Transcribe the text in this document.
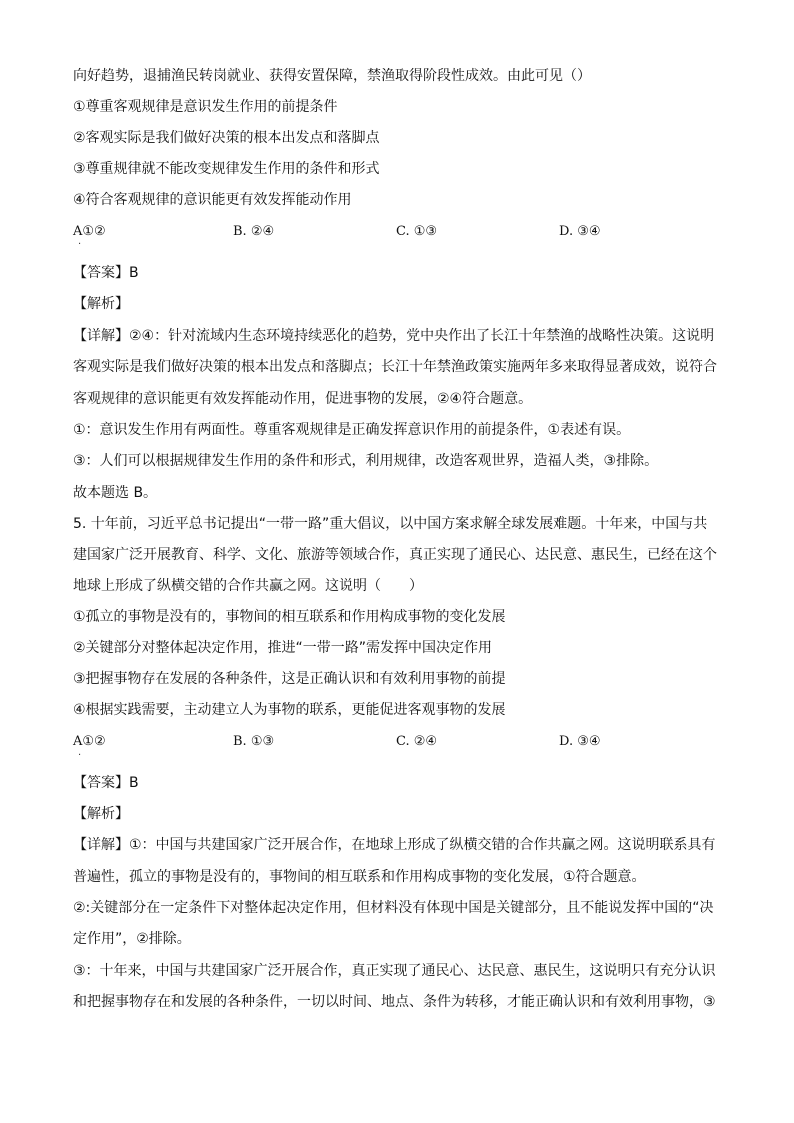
向好趋势，退捕渔民转岗就业、获得安置保障，禁渔取得阶段性成效。由此可见（）
①尊重客观规律是意识发生作用的前提条件
②客观实际是我们做好决策的根本出发点和落脚点
③尊重规律就不能改变规律发生作用的条件和形式
④符合客观规律的意识能更有效发挥能动作用
A①②	B. ②④	C. ①③	D. ③④
·
【答案】B
【解析】
【详解】②④：针对流域内生态环境持续恶化的趋势，党中央作出了长江十年禁渔的战略性决策。这说明
客观实际是我们做好决策的根本出发点和落脚点；长江十年禁渔政策实施两年多来取得显著成效，说符合
客观规律的意识能更有效发挥能动作用，促进事物的发展，②④符合题意。
①：意识发生作用有两面性。尊重客观规律是正确发挥意识作用的前提条件，①表述有误。
③：人们可以根据规律发生作用的条件和形式，利用规律，改造客观世界，造福人类，③排除。
故本题选 B。
5. 十年前，习近平总书记提出“一带一路”重大倡议，以中国方案求解全球发展难题。十年来，中国与共
建国家广泛开展教育、科学、文化、旅游等领域合作，真正实现了通民心、达民意、惠民生，已经在这个
地球上形成了纵横交错的合作共赢之网。这说明（　　）
①孤立的事物是没有的，事物间的相互联系和作用构成事物的变化发展
②关键部分对整体起决定作用，推进“一带一路”需发挥中国决定作用
③把握事物存在发展的各种条件，这是正确认识和有效利用事物的前提
④根据实践需要，主动建立人为事物的联系，更能促进客观事物的发展
A①②	B. ①③	C. ②④	D. ③④
·
【答案】B
【解析】
【详解】①：中国与共建国家广泛开展合作，在地球上形成了纵横交错的合作共赢之网。这说明联系具有
普遍性，孤立的事物是没有的，事物间的相互联系和作用构成事物的变化发展，①符合题意。
②:关键部分在一定条件下对整体起决定作用，但材料没有体现中国是关键部分，且不能说发挥中国的“决
定作用”，②排除。
③：十年来，中国与共建国家广泛开展合作，真正实现了通民心、达民意、惠民生，这说明只有充分认识
和把握事物存在和发展的各种条件，一切以时间、地点、条件为转移，才能正确认识和有效利用事物，③
